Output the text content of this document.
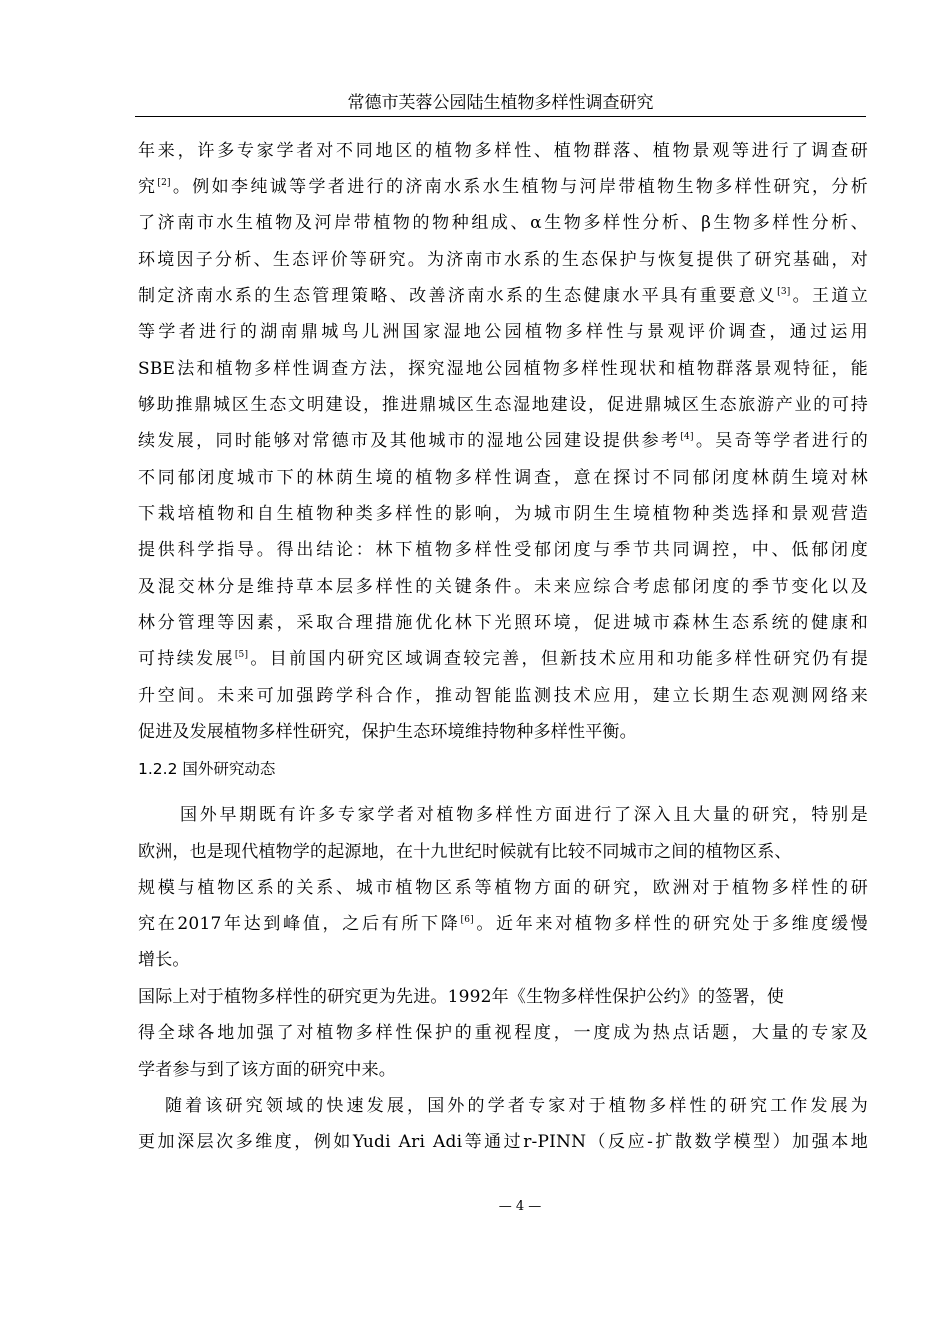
常德市芙蓉公园陆生植物多样性调查研究
年来，许多专家学者对不同地区的植物多样性、植物群落、植物景观等进行了调查研
究[2]。例如李纯诚等学者进行的济南水系水生植物与河岸带植物生物多样性研究，分析
了济南市水生植物及河岸带植物的物种组成、α生物多样性分析、β生物多样性分析、
环境因子分析、生态评价等研究。为济南市水系的生态保护与恢复提供了研究基础，对
制定济南水系的生态管理策略、改善济南水系的生态健康水平具有重要意义[3]。王道立
等学者进行的湖南鼎城鸟儿洲国家湿地公园植物多样性与景观评价调查，通过运用
SBE法和植物多样性调查方法，探究湿地公园植物多样性现状和植物群落景观特征，能
够助推鼎城区生态文明建设，推进鼎城区生态湿地建设，促进鼎城区生态旅游产业的可持
续发展，同时能够对常德市及其他城市的湿地公园建设提供参考[4]。吴奇等学者进行的
不同郁闭度城市下的林荫生境的植物多样性调查，意在探讨不同郁闭度林荫生境对林
下栽培植物和自生植物种类多样性的影响，为城市阴生生境植物种类选择和景观营造
提供科学指导。得出结论：林下植物多样性受郁闭度与季节共同调控，中、低郁闭度
及混交林分是维持草本层多样性的关键条件。未来应综合考虑郁闭度的季节变化以及
林分管理等因素，采取合理措施优化林下光照环境，促进城市森林生态系统的健康和
可持续发展[5]。目前国内研究区域调查较完善，但新技术应用和功能多样性研究仍有提
升空间。未来可加强跨学科合作，推动智能监测技术应用，建立长期生态观测网络来
促进及发展植物多样性研究，保护生态环境维持物种多样性平衡。
1.2.2 国外研究动态
国外早期既有许多专家学者对植物多样性方面进行了深入且大量的研究，特别是
欧洲，也是现代植物学的起源地，在十九世纪时候就有比较不同城市之间的植物区系、
规模与植物区系的关系、城市植物区系等植物方面的研究，欧洲对于植物多样性的研
究在2017年达到峰值，之后有所下降[6]。近年来对植物多样性的研究处于多维度缓慢
增长。
国际上对于植物多样性的研究更为先进。1992年《生物多样性保护公约》的签署，使
得全球各地加强了对植物多样性保护的重视程度，一度成为热点话题，大量的专家及
学者参与到了该方面的研究中来。
随着该研究领域的快速发展，国外的学者专家对于植物多样性的研究工作发展为
更加深层次多维度，例如Yudi Ari Adi等通过r-PINN（反应-扩散数学模型）加强本地
— 4 —
